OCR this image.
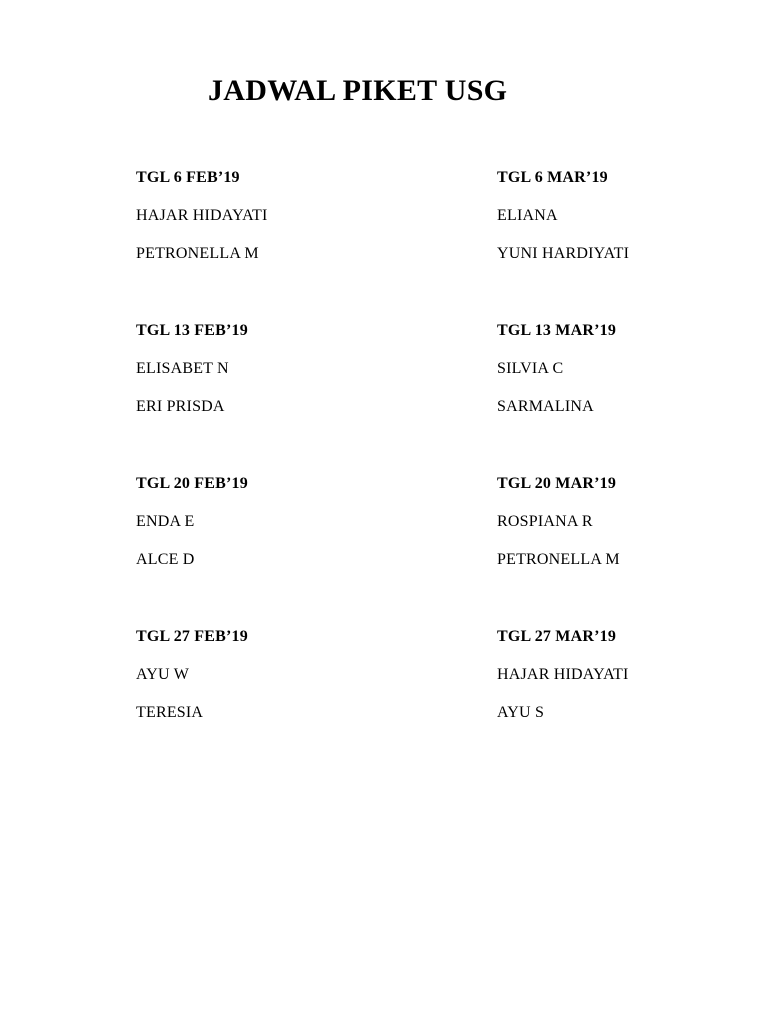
JADWAL PIKET USG
TGL 6 FEB’19
HAJAR HIDAYATI
PETRONELLA M
TGL 13 FEB’19
ELISABET N
ERI PRISDA
TGL 20 FEB’19
ENDA E
ALCE D
TGL 27 FEB’19
AYU W
TERESIA
TGL 6 MAR’19
ELIANA
YUNI HARDIYATI
TGL 13 MAR’19
SILVIA C
SARMALINA
TGL 20 MAR’19
ROSPIANA R
PETRONELLA M
TGL 27 MAR’19
HAJAR HIDAYATI
AYU S
